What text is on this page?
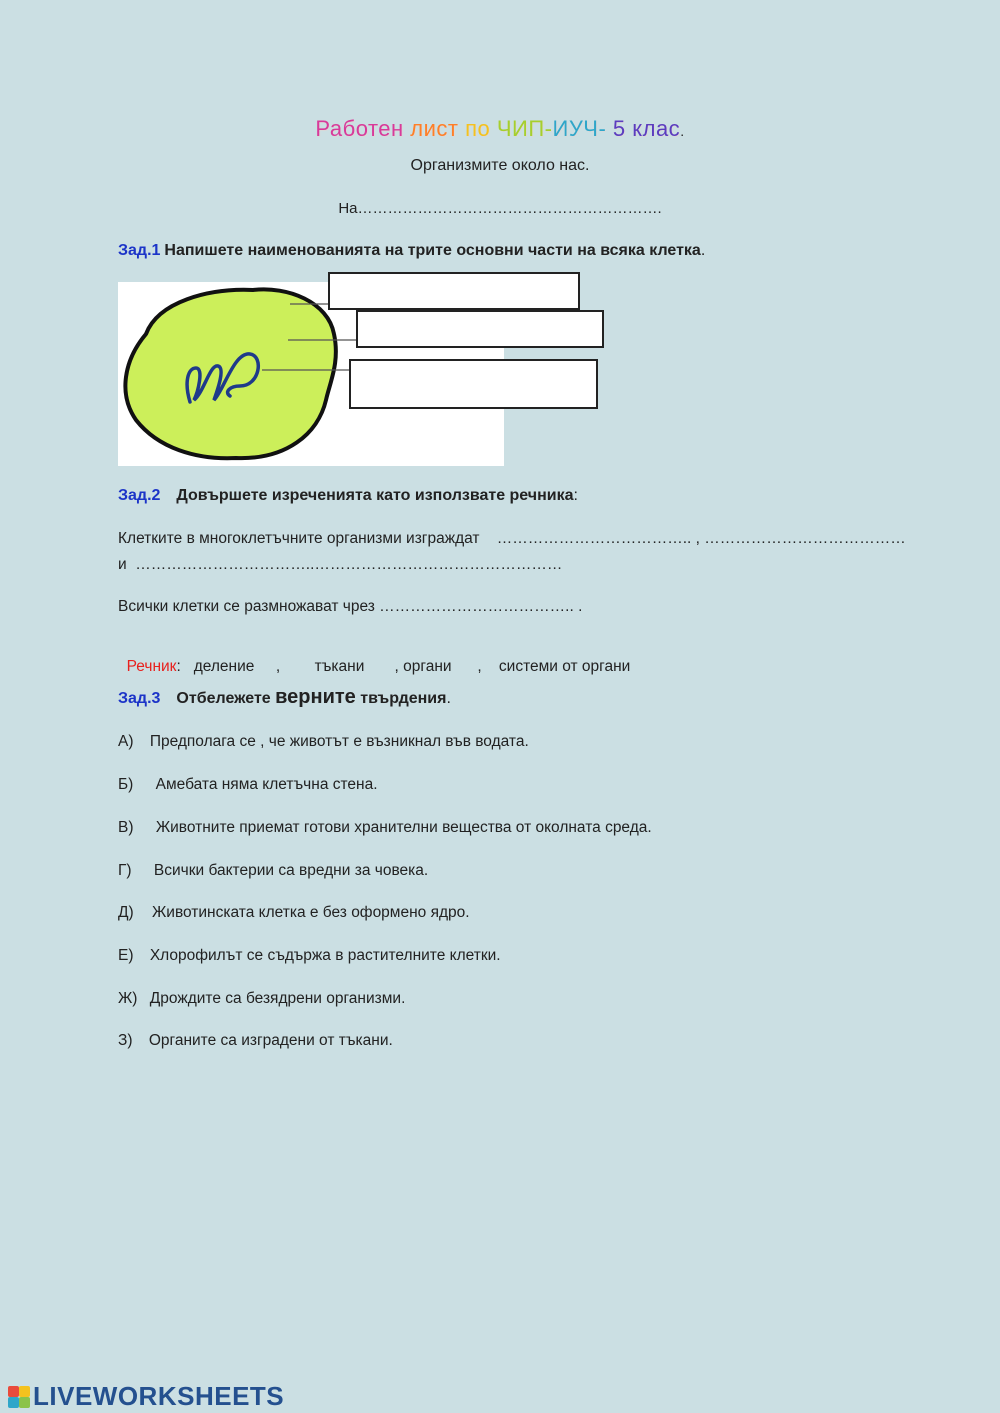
Работен лист по ЧИП-ИУЧ- 5 клас.
Организмите около нас.
На…………………………………………………….
Зад.1 Напишете наименованията на трите основни части на всяка клетка.
Зад.2 Довършете изреченията като използвате речника:
Клетките в многоклетъчните организми изграждат    ……………………………….. , …………………………………
и  ……………………………..…………………………………………
Всички клетки се размножават чрез ……………………………….. .

Речник:   деление     ,        тъкани       , органи      ,    системи от органи

Зад.3 Отбележете верните твърдения.
А) Предполага се , че животът е възникнал във водата.
Б) Амебата няма клетъчна стена.
В) Животните приемат готови хранителни вещества от околната среда.
Г) Всички бактерии са вредни за човека.
Д) Животинската клетка е без оформено ядро.
Е) Хлорофилът се съдържа в растителните клетки.
Ж) Дрождите са безядрени организми.
З) Органите са изградени от тъкани.
LIVEWORKSHEETS
